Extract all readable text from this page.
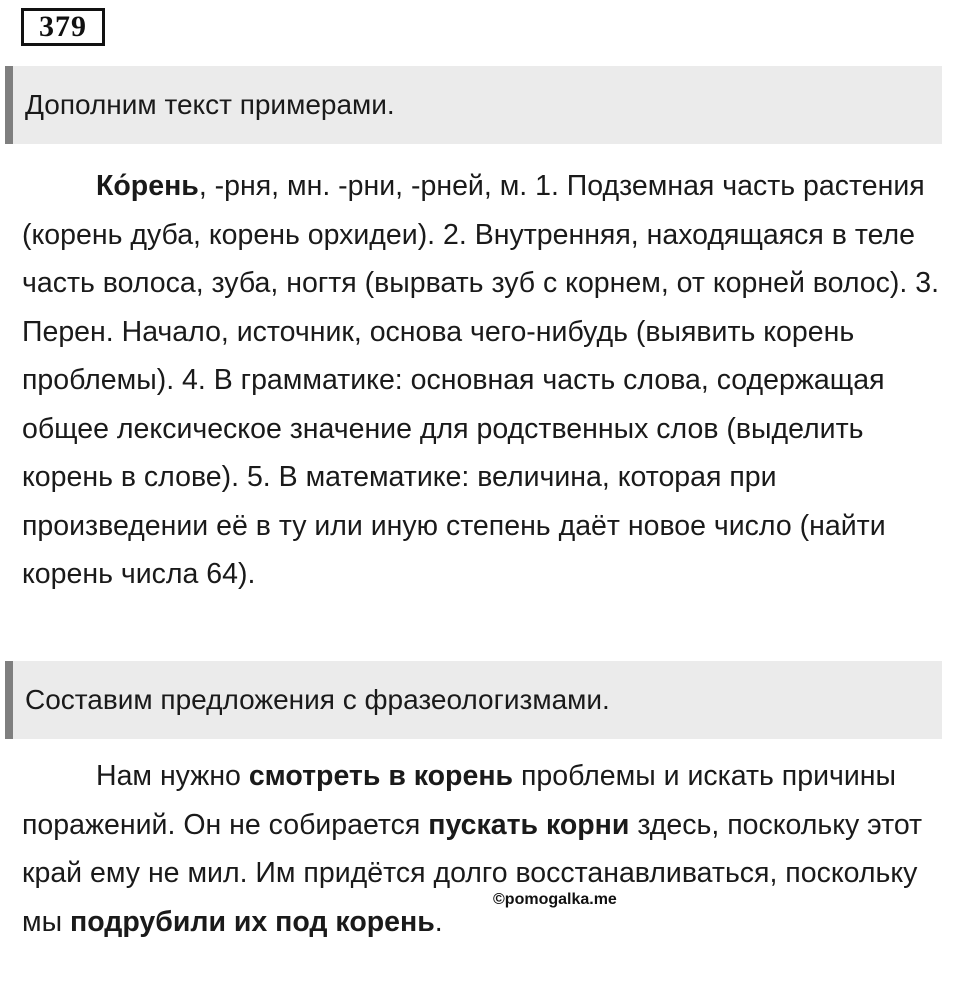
379
Дополним текст примерами.

Ко́рень, -рня, мн. -рни, -рней, м. 1. Подземная часть растения (корень дуба, корень орхидеи). 2. Внутренняя, находящаяся в теле часть волоса, зуба, ногтя (вырвать зуб с корнем, от корней волос). 3. Перен. Начало, источник, основа чего-нибудь (выявить корень проблемы). 4. В грамматике: основная часть слова, содержащая общее лексическое значение для родственных слов (выделить корень в слове). 5. В математике: величина, которая при произведении её в ту или иную степень даёт новое число (найти корень числа 64).

Составим предложения с фразеологизмами.

Нам нужно смотреть в корень проблемы и искать причины поражений. Он не собирается пускать корни здесь, поскольку этот край ему не мил. Им придётся долго восстанавливаться, поскольку мы подрубили их под корень.

©pomogalka.me
